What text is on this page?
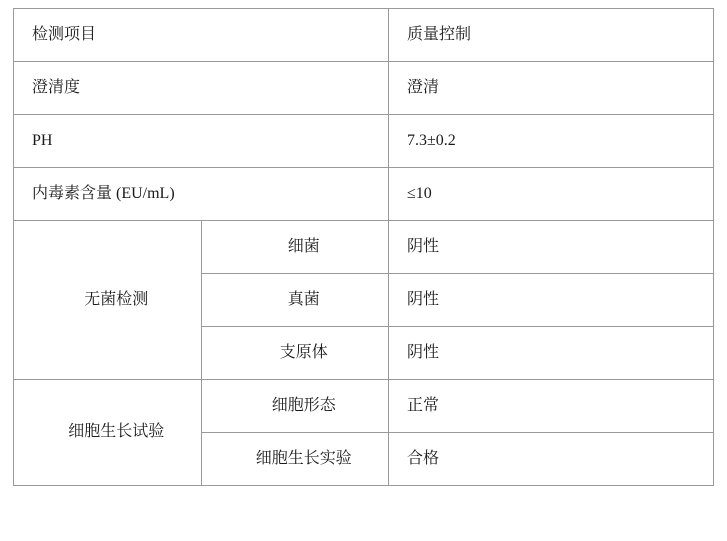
检测项目		质量控制
澄清度		澄清
PH		7.3±0.2
内毒素含量 (EU/mL)		≤10
无菌检测	细菌	阴性
	真菌	阴性
	支原体	阴性
细胞生长试验	细胞形态	正常
	细胞生长实验	合格
